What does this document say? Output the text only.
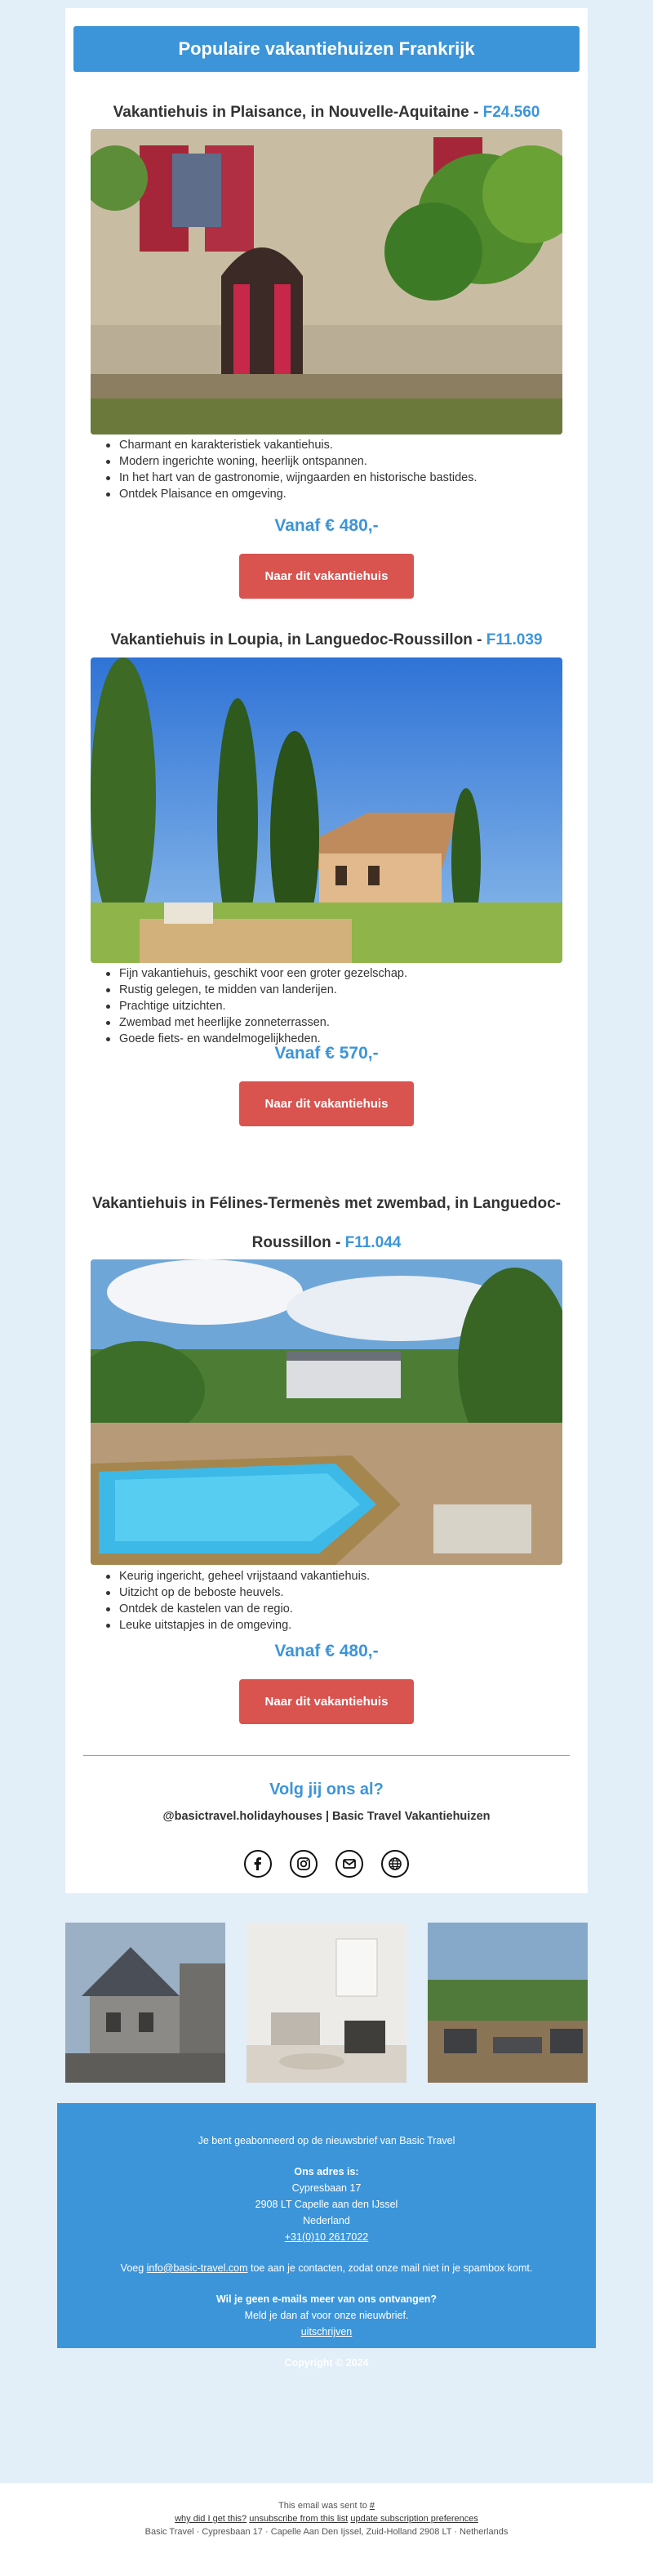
Populaire vakantiehuizen Frankrijk
Vakantiehuis in Plaisance, in Nouvelle-Aquitaine - F24.560
Charmant en karakteristiek vakantiehuis.
Modern ingerichte woning, heerlijk ontspannen.
In het hart van de gastronomie, wijngaarden en historische bastides.
Ontdek Plaisance en omgeving.
Vanaf € 480,-
Naar dit vakantiehuis
Vakantiehuis in Loupia, in Languedoc-Roussillon - F11.039
Fijn vakantiehuis, geschikt voor een groter gezelschap.
Rustig gelegen, te midden van landerijen.
Prachtige uitzichten.
Zwembad met heerlijke zonneterrassen.
Goede fiets- en wandelmogelijkheden.
Vanaf € 570,-
Naar dit vakantiehuis
Vakantiehuis in Félines-Termenès met zwembad, in Languedoc-
Roussillon - F11.044
Keurig ingericht, geheel vrijstaand vakantiehuis.
Uitzicht op de beboste heuvels.
Ontdek de kastelen van de regio.
Leuke uitstapjes in de omgeving.
Vanaf € 480,-
Naar dit vakantiehuis
Volg jij ons al?
@basictravel.holidayhouses | Basic Travel Vakantiehuizen
Je bent geabonneerd op de nieuwsbrief van Basic Travel
Ons adres is:
Cypresbaan 17
2908 LT Capelle aan den IJssel
Nederland
+31(0)10 2617022
Voeg info@basic-travel.com toe aan je contacten, zodat onze mail niet in je spambox komt.
Wil je geen e-mails meer van ons ontvangen?
Meld je dan af voor onze nieuwbrief.
uitschrijven
Copyright © 2024
This email was sent to #
why did I get this? unsubscribe from this list update subscription preferences
Basic Travel · Cypresbaan 17 · Capelle Aan Den Ijssel, Zuid-Holland 2908 LT · Netherlands
